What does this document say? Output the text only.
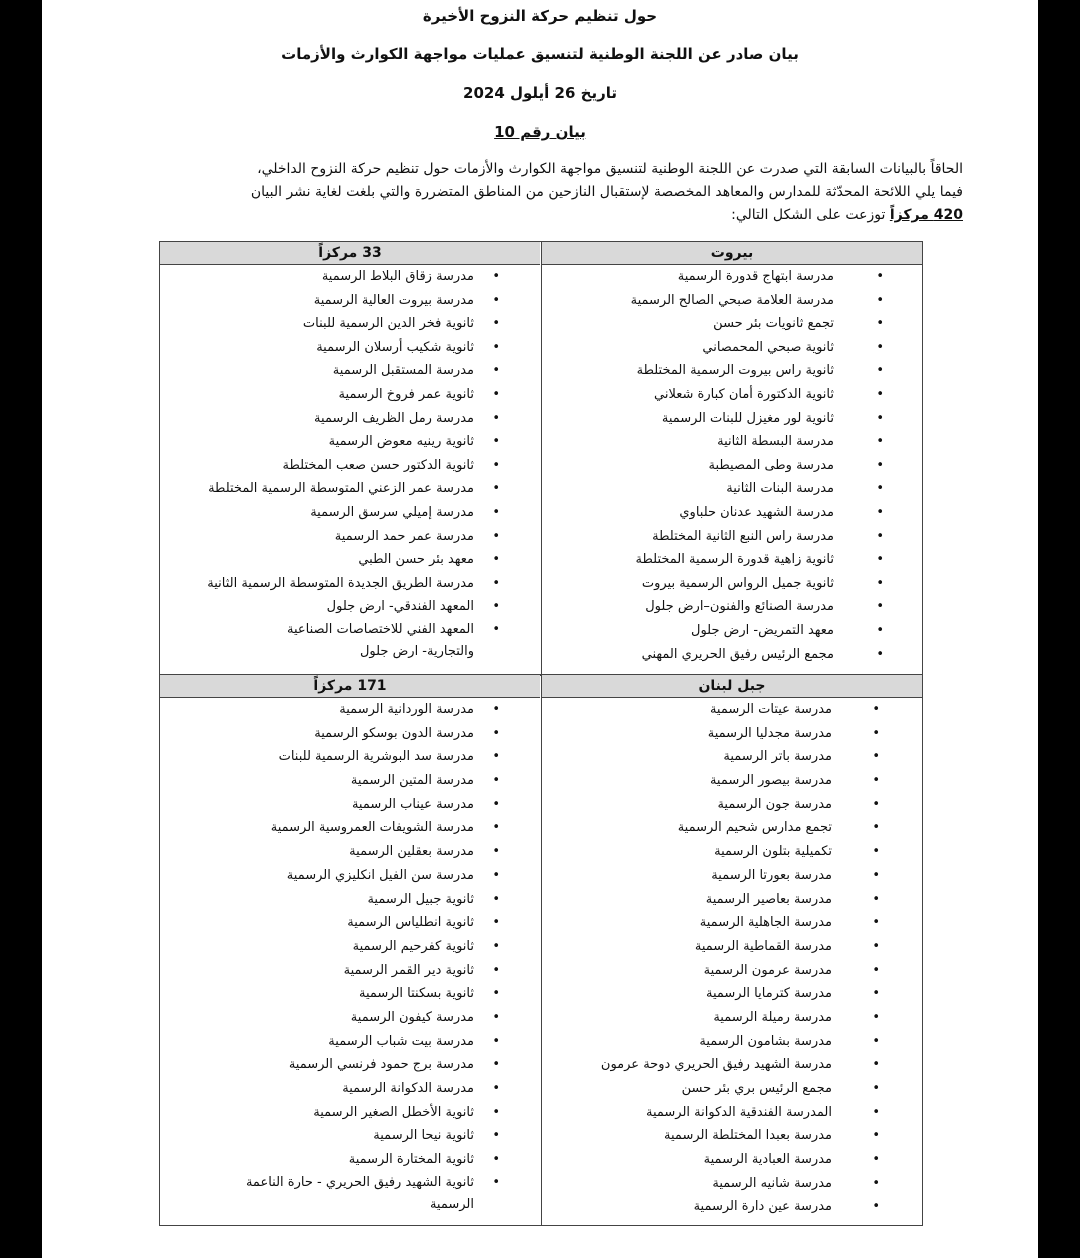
حول تنظيم حركة النزوح الأخيرة
بيان صادر عن اللجنة الوطنية لتنسيق عمليات مواجهة الكوارث والأزمات
تاريخ 26 أيلول 2024
بيان رقم 10

الحاقاً بالبيانات السابقة التي صدرت عن اللجنة الوطنية لتنسيق مواجهة الكوارث والأزمات حول تنظيم حركة النزوح الداخلي،

فيما يلي اللائحة المحدّثة للمدارس والمعاهد المخصصة لإستقبال النازحين من المناطق المتضررة والتي بلغت لغاية نشر البيان

420 مركزاً توزعت على الشكل التالي:

بيروت
• مدرسة ابتهاج قدورة الرسمية
• مدرسة العلامة صبحي الصالح الرسمية
• تجمع ثانويات بئر حسن
• ثانوية صبحي المحمصاني
• ثانوية راس بيروت الرسمية المختلطة
• ثانوية الدكتورة أمان كبارة شعلاني
• ثانوية لور مغيزل للبنات الرسمية
• مدرسة البسطة الثانية
• مدرسة وطى المصيطبة
• مدرسة البنات الثانية
• مدرسة الشهيد عدنان حلباوي
• مدرسة راس النبع الثانية المختلطة
• ثانوية زاهية قدورة الرسمية المختلطة
• ثانوية جميل الرواس الرسمية بيروت
• مدرسة الصنائع والفنون–ارض جلول
• معهد التمريض- ارض جلول
• مجمع الرئيس رفيق الحريري المهني
33 مركزاً
• مدرسة زقاق البلاط الرسمية
• مدرسة بيروت العالية الرسمية
• ثانوية فخر الدين الرسمية للبنات
• ثانوية شكيب أرسلان الرسمية
• مدرسة المستقبل الرسمية
• ثانوية عمر فروخ الرسمية
• مدرسة رمل الظريف الرسمية
• ثانوية رينيه معوض الرسمية
• ثانوية الدكتور حسن صعب المختلطة
• مدرسة عمر الزعني المتوسطة الرسمية المختلطة
• مدرسة إميلي سرسق الرسمية
• مدرسة عمر حمد الرسمية
• معهد بئر حسن الطبي
• مدرسة الطريق الجديدة المتوسطة الرسمية الثانية
• المعهد الفندقي- ارض جلول
• المعهد الفني للاختصاصات الصناعية والتجارية- ارض جلول
جبل لبنان
• مدرسة عيتات الرسمية
• مدرسة مجدليا الرسمية
• مدرسة باتر الرسمية
• مدرسة بيصور الرسمية
• مدرسة جون الرسمية
• تجمع مدارس شحيم الرسمية
• تكميلية بتلون الرسمية
• مدرسة بعورتا الرسمية
• مدرسة بعاصير الرسمية
• مدرسة الجاهلية الرسمية
• مدرسة القماطية الرسمية
• مدرسة عرمون الرسمية
• مدرسة كترمايا الرسمية
• مدرسة رميلة الرسمية
• مدرسة بشامون الرسمية
• مدرسة الشهيد رفيق الحريري دوحة عرمون
• مجمع الرئيس بري بئر حسن
• المدرسة الفندقية الدكوانة الرسمية
• مدرسة بعبدا المختلطة الرسمية
• مدرسة العبادية الرسمية
• مدرسة شانيه الرسمية
• مدرسة عين دارة الرسمية
171 مركزاً
• مدرسة الوردانية الرسمية
• مدرسة الدون بوسكو الرسمية
• مدرسة سد البوشرية الرسمية للبنات
• مدرسة المتين الرسمية
• مدرسة عيناب الرسمية
• مدرسة الشويفات العمروسية الرسمية
• مدرسة بعقلين الرسمية
• مدرسة سن الفيل انكليزي الرسمية
• ثانوية جبيل الرسمية
• ثانوية انطلياس الرسمية
• ثانوية كفرحيم الرسمية
• ثانوية دير القمر الرسمية
• ثانوية بسكنتا الرسمية
• مدرسة كيفون الرسمية
• مدرسة بيت شباب الرسمية
• مدرسة برج حمود فرنسي الرسمية
• مدرسة الدكوانة الرسمية
• ثانوية الأخطل الصغير الرسمية
• ثانوية نيحا الرسمية
• ثانوية المختارة الرسمية
• ثانوية الشهيد رفيق الحريري - حارة الناعمة الرسمية
